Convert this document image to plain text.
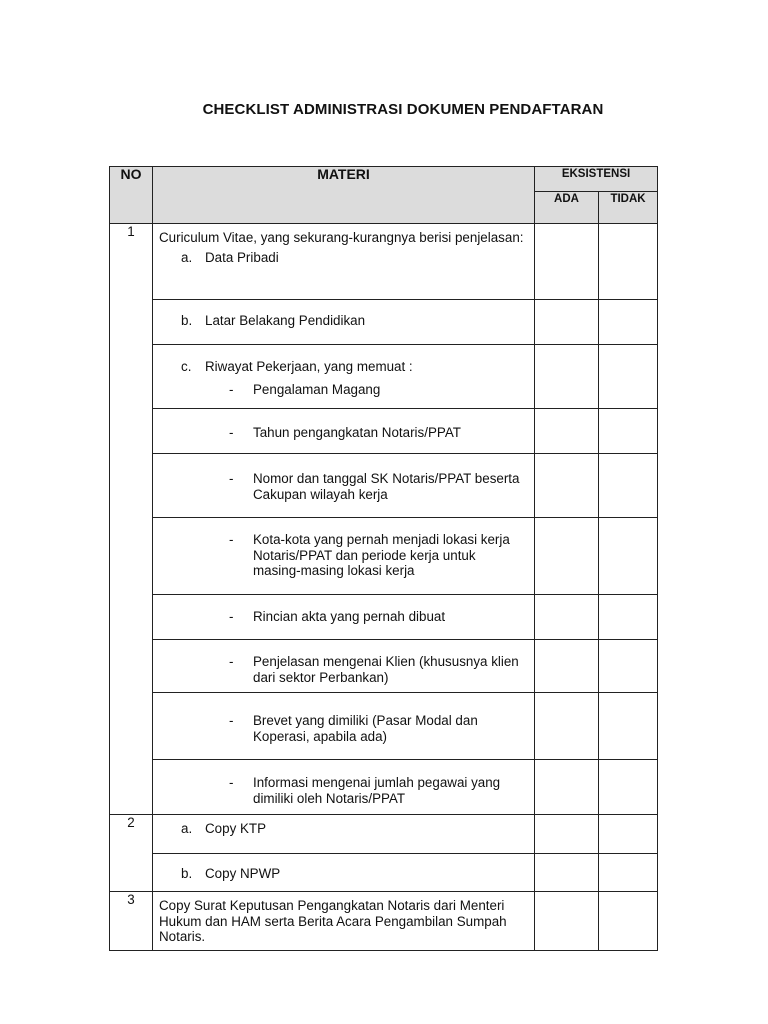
CHECKLIST ADMINISTRASI DOKUMEN PENDAFTARAN
NO	MATERI	EKSISTENSI	
		ADA	TIDAK
1	Curiculum Vitae, yang sekurang-kurangnya berisi penjelasan:
a. Data Pribadi		

	b. Latar Belakang Pendidikan		

	c. Riwayat Pekerjaan, yang memuat :
- Pengalaman Magang		

	- Tahun pengangkatan Notaris/PPAT		

	- Nomor dan tanggal SK Notaris/PPAT beserta Cakupan wilayah kerja		

	- Kota-kota yang pernah menjadi lokasi kerja Notaris/PPAT dan periode kerja untuk masing-masing lokasi kerja		

	- Rincian akta yang pernah dibuat		

	- Penjelasan mengenai Klien (khususnya klien dari sektor Perbankan)		

	- Brevet yang dimiliki (Pasar Modal dan Koperasi, apabila ada)		

	- Informasi mengenai jumlah pegawai yang dimiliki oleh Notaris/PPAT		

2	a. Copy KTP		

	b. Copy NPWP		

3	Copy Surat Keputusan Pengangkatan Notaris dari Menteri Hukum dan HAM serta Berita Acara Pengambilan Sumpah Notaris.		
